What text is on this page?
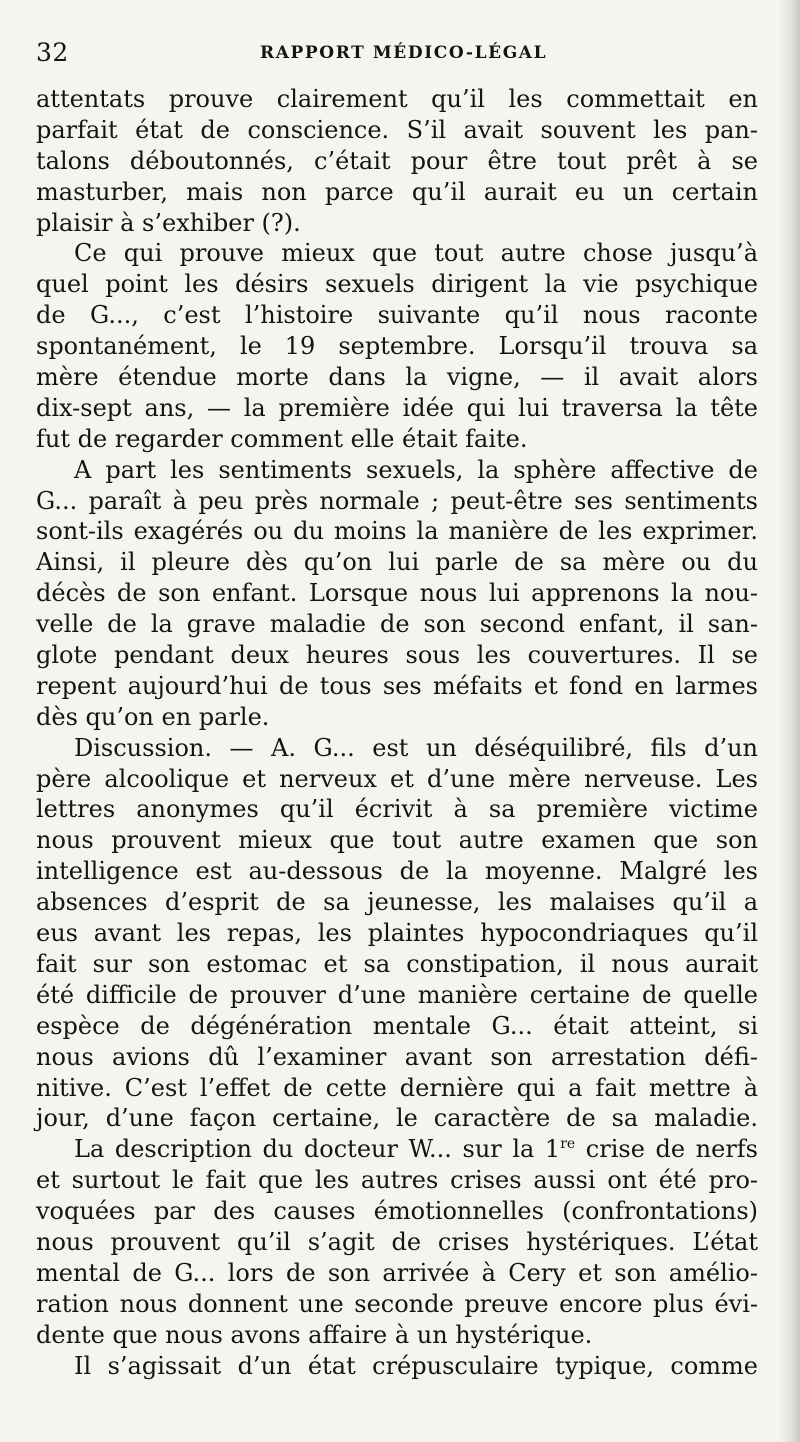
32	RAPPORT MÉDICO-LÉGAL
attentats prouve clairement qu’il les commettait en
parfait état de conscience. S’il avait souvent les pan-
talons déboutonnés, c’était pour être tout prêt à se
masturber, mais non parce qu’il aurait eu un certain
plaisir à s’exhiber (?).
Ce qui prouve mieux que tout autre chose jusqu’à
quel point les désirs sexuels dirigent la vie psychique
de G..., c’est l’histoire suivante qu’il nous raconte
spontanément, le 19 septembre. Lorsqu’il trouva sa
mère étendue morte dans la vigne, — il avait alors
dix-sept ans, — la première idée qui lui traversa la tête
fut de regarder comment elle était faite.
A part les sentiments sexuels, la sphère affective de
G... paraît à peu près normale ; peut-être ses sentiments
sont-ils exagérés ou du moins la manière de les exprimer.
Ainsi, il pleure dès qu’on lui parle de sa mère ou du
décès de son enfant. Lorsque nous lui apprenons la nou-
velle de la grave maladie de son second enfant, il san-
glote pendant deux heures sous les couvertures. Il se
repent aujourd’hui de tous ses méfaits et fond en larmes
dès qu’on en parle.
Discussion. — A. G... est un déséquilibré, fils d’un
père alcoolique et nerveux et d’une mère nerveuse. Les
lettres anonymes qu’il écrivit à sa première victime
nous prouvent mieux que tout autre examen que son
intelligence est au-dessous de la moyenne. Malgré les
absences d’esprit de sa jeunesse, les malaises qu’il a
eus avant les repas, les plaintes hypocondriaques qu’il
fait sur son estomac et sa constipation, il nous aurait
été difficile de prouver d’une manière certaine de quelle
espèce de dégénération mentale G... était atteint, si
nous avions dû l’examiner avant son arrestation défi-
nitive. C’est l’effet de cette dernière qui a fait mettre à
jour, d’une façon certaine, le caractère de sa maladie.
La description du docteur W... sur la 1re crise de nerfs
et surtout le fait que les autres crises aussi ont été pro-
voquées par des causes émotionnelles (confrontations)
nous prouvent qu’il s’agit de crises hystériques. L’état
mental de G... lors de son arrivée à Cery et son amélio-
ration nous donnent une seconde preuve encore plus évi-
dente que nous avons affaire à un hystérique.
Il s’agissait d’un état crépusculaire typique, comme
